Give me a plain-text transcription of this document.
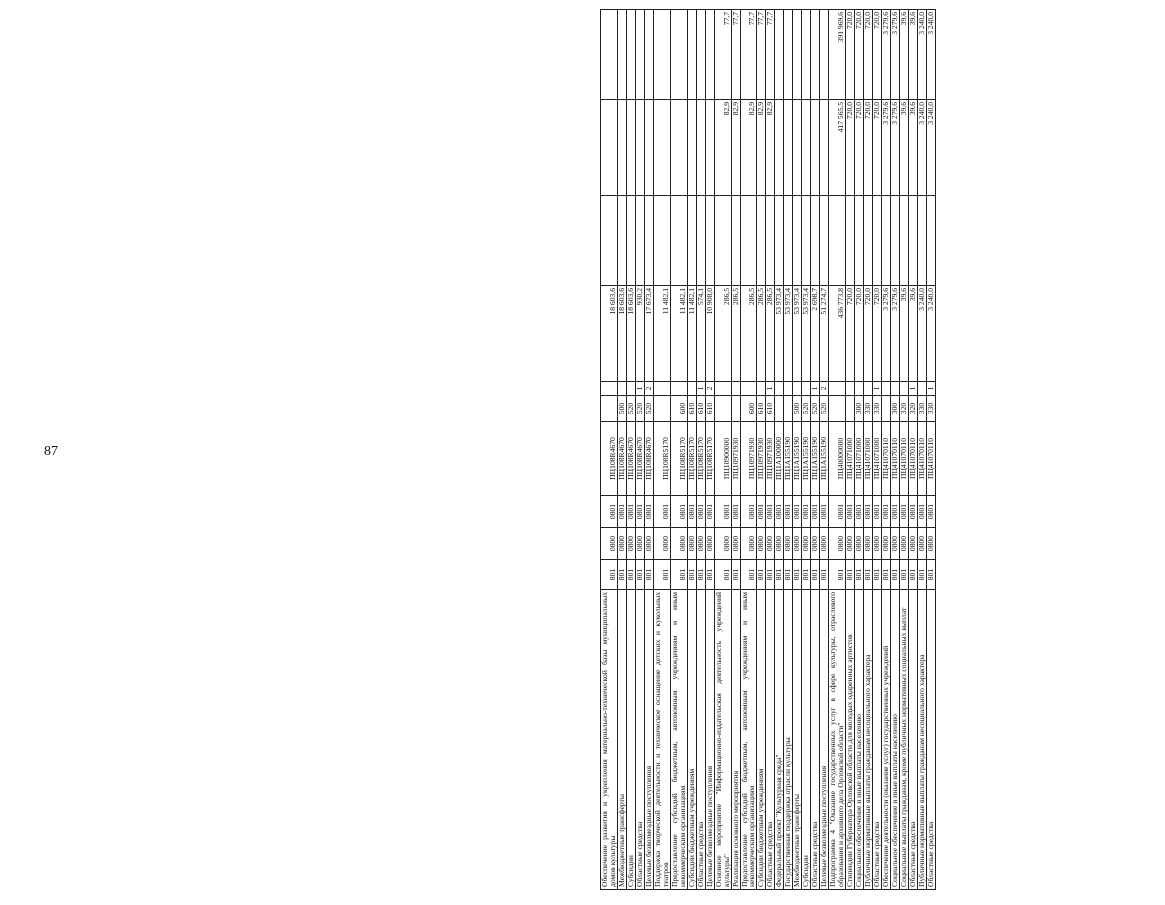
87
Обеспечение развития и укрепления материально-технической базы муниципальных домов культуры	801	0800	0801	ПЦ108R4670			18 603,6			
Межбюджетные трансферты	801	0800	0801	ПЦ108R4670	500		18 603,6			
Субсидии	801	0800	0801	ПЦ108R4670	520		18 603,6			
Областные средства	801	0800	0801	ПЦ108R4670	520	1	930,2			
Целевые безвозмездные поступления	801	0800	0801	ПЦ108R4670	520	2	17 673,4			
Поддержка творческой деятельности и техническое оснащение детских и кукольных театров	801	0800	0801	ПЦ108R5170			11 482,1			
Предоставление субсидий бюджетным, автономным учреждениям и иным некоммерческим организациям	801	0800	0801	ПЦ108R5170	600		11 482,1			
Субсидии бюджетным учреждениям	801	0800	0801	ПЦ108R5170	610		11 482,1			
Областные средства	801	0800	0801	ПЦ108R5170	610	1	574,1			
Целевые безвозмездные поступления	801	0800	0801	ПЦ108R5170	610	2	10 908,0			
Основное мероприятие "Информационно-издательская деятельность учреждений культуры"	801	0800	0801	ПЦ10900000			286,5		82,9	77,7
Реализация основного мероприятия	801	0800	0801	ПЦ10971930			286,5		82,9	77,7
Предоставление субсидий бюджетным, автономным учреждениям и иным некоммерческим организациям	801	0800	0801	ПЦ10971930	600		286,5		82,9	77,7
Субсидии бюджетным учреждениям	801	0800	0801	ПЦ10971930	610		286,5		82,9	77,7
Областные средства	801	0800	0801	ПЦ10971930	610	1	286,5		82,9	77,7
Федеральный проект "Культурная среда"	801	0800	0801	ПЦ1А100000			53 973,4			
Государственная поддержка отрасли культуры	801	0800	0801	ПЦ1А155190			53 973,4			
Межбюджетные трансферты	801	0800	0801	ПЦ1А155190	500		53 973,4			
Субсидии	801	0800	0801	ПЦ1А155190	520		53 973,4			
Областные средства	801	0800	0801	ПЦ1А155190	520	1	2 698,7			
Целевые безвозмездные поступления	801	0800	0801	ПЦ1А155190	520	2	51 274,7			
Подпрограмма 4 "Оказание государственных услуг в сфере культуры, отраслевого образования и архивного дела Орловской области"	801	0800	0801	ПЦ40000000			436 773,8		417 565,5	391 969,6
Стипендии Губернатора Орловской области для молодых одаренных артистов	801	0800	0801	ПЦ41071000			720,0		720,0	720,0
Социальное обеспечение и иные выплаты населению	801	0800	0801	ПЦ41071000	300		720,0		720,0	720,0
Публичные нормативные выплаты гражданам несоциального характера	801	0800	0801	ПЦ41071000	330		720,0		720,0	720,0
Областные средства	801	0800	0801	ПЦ41071000	330	1	720,0		720,0	720,0
Обеспечение деятельности (оказание услуг) государственных учреждений	801	0800	0801	ПЦ41070110			3 279,6		3 279,6	3 279,6
Социальное обеспечение и иные выплаты населению	801	0800	0801	ПЦ41070110	300		3 279,6		3 279,6	3 279,6
Социальные выплаты гражданам, кроме публичных нормативных социальных выплат	801	0800	0801	ПЦ41070110	320		39,6		39,6	39,6
Областные средства	801	0800	0801	ПЦ41070110	320	1	39,6		39,6	39,6
Публичные нормативные выплаты гражданам несоциального характера	801	0800	0801	ПЦ41070110	330		3 240,0		3 240,0	3 240,0
Областные средства	801	0800	0801	ПЦ41070110	330	1	3 240,0		3 240,0	3 240,0
